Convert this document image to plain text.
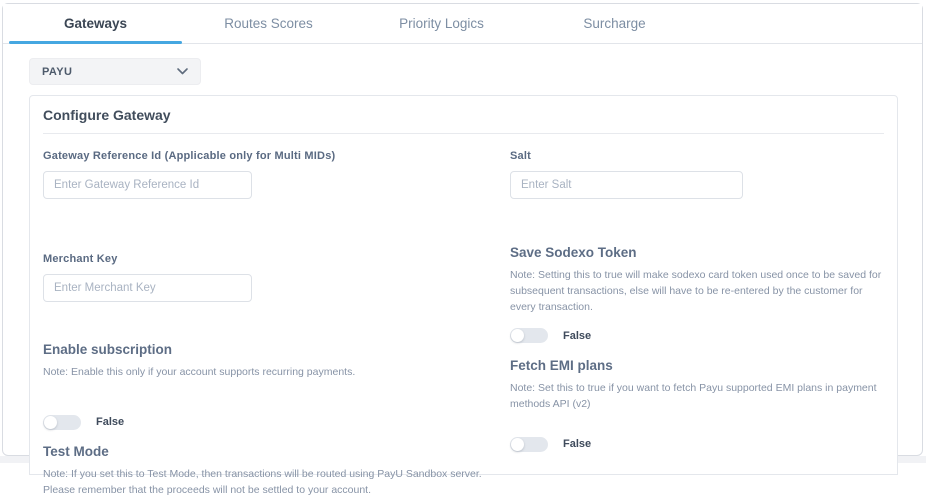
Gateways	Routes Scores	Priority Logics	Surcharge
PAYU
Configure Gateway
Gateway Reference Id (Applicable only for Multi MIDs)
Enter Gateway Reference Id
Merchant Key
Enter Merchant Key
Enable subscription
Note: Enable this only if your account supports recurring payments.
False
Test Mode
Note: If you set this to Test Mode, then transactions will be routed using PayU Sandbox server. Please remember that the proceeds will not be settled to your account.
Salt
Enter Salt
Save Sodexo Token
Note: Setting this to true will make sodexo card token used once to be saved for subsequent transactions, else will have to be re-entered by the customer for every transaction.
False
Fetch EMI plans
Note: Set this to true if you want to fetch Payu supported EMI plans in payment methods API (v2)
False
